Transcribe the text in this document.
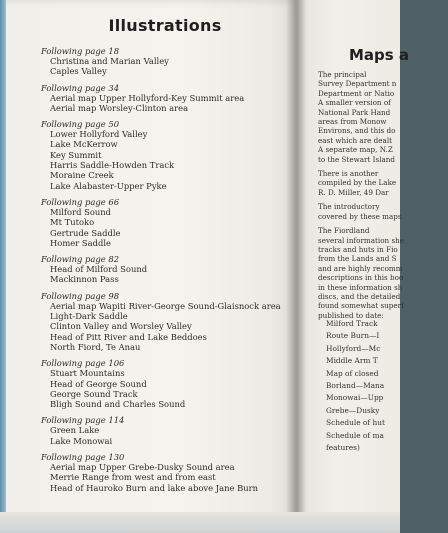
Illustrations
Following page 18
Christina and Marian Valley
Caples Valley
Following page 34
Aerial map Upper Hollyford-Key Summit area
Aerial map Worsley-Clinton area
Following page 50
Lower Hollyford Valley
Lake McKerrow
Key Summit
Harris Saddle-Howden Track
Moraine Creek
Lake Alabaster-Upper Pyke
Following page 66
Milford Sound
Mt Tutoko
Gertrude Saddle
Homer Saddle
Following page 82
Head of Milford Sound
Mackinnon Pass
Following page 98
Aerial map Wapiti River-George Sound-Glaisnock area
Light-Dark Saddle
Clinton Valley and Worsley Valley
Head of Pitt River and Lake Beddoes
North Fiord, Te Anau
Following page 106
Stuart Mountains
Head of George Sound
George Sound Track
Bligh Sound and Charles Sound
Following page 114
Green Lake
Lake Monowai
Following page 130
Aerial map Upper Grebe-Dusky Sound area
Merrie Range from west and from east
Head of Hauroko Burn and lake above Jane Burn
Maps a
The principal
Survey Department n
Department or Natio
A smaller version of
National Park Hand
areas from Monow
Environs, and this do
east which are dealt
A separate map, N.Z
to the Stewart Island
There is another
compiled by the Lake
R. D. Miller, 49 Dar
The introductory
covered by these maps.
The Fiordland
several information she
tracks and huts in Fio
from the Lands and S
and are highly recomm
descriptions in this boo
in these information sh
discs, and the detailed
found somewhat superf
published to date:
Milford Track
Route Burn—I
Hollyford—Mc
Middle Arm T
Map of closed
Borland—Mana
Monowai—Upp
Grebe—Dusky
Schedule of hut
Schedule of ma
features)
